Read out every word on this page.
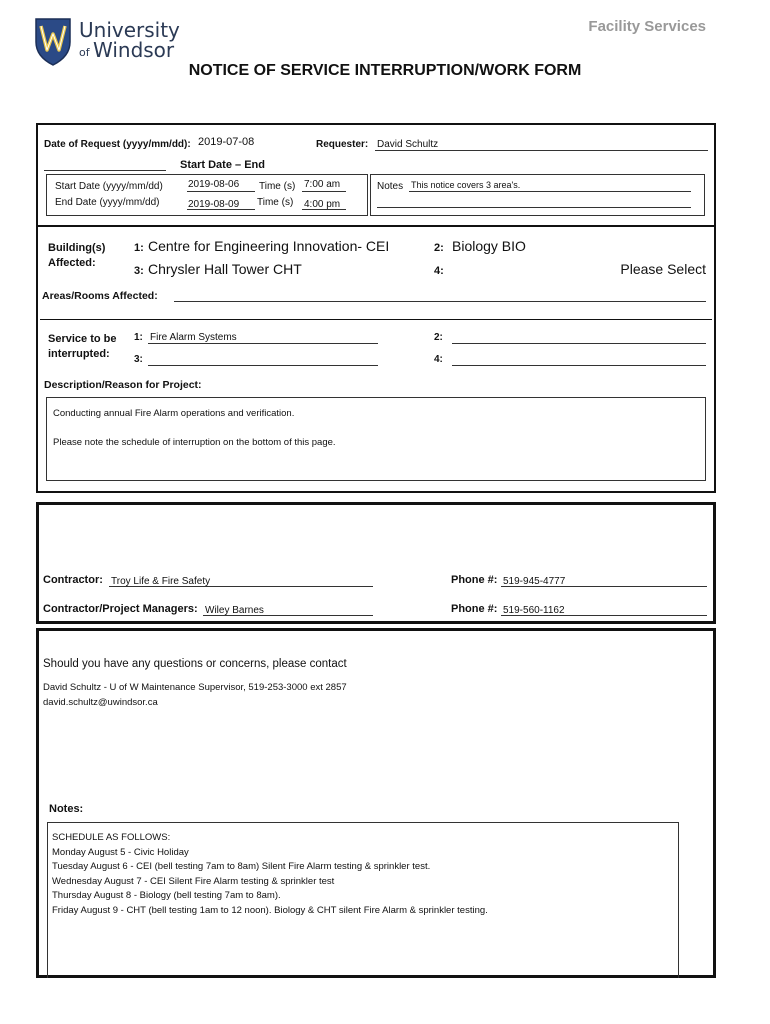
University
of Windsor
Facility Services
NOTICE OF SERVICE INTERRUPTION/WORK FORM
Date of Request (yyyy/mm/dd): 2019-07-08	Requester: David Schultz
Start Date – End
Start Date (yyyy/mm/dd)	2019-08-06 Time (s) 7:00 am
End Date (yyyy/mm/dd)	2019-08-09 Time (s) 4:00 pm
Notes This notice covers 3 area's.
Building(s)
Affected:
1: Centre for Engineering Innovation- CEI	2: Biology BIO
3: Chrysler Hall Tower CHT	4:	Please Select
Areas/Rooms Affected:
Service to be
interrupted:
1: Fire Alarm Systems	2:
3:	4:
Description/Reason for Project:
Conducting annual Fire Alarm operations and verification.
Please note the schedule of interruption on the bottom of this page.
Contractor: Troy Life & Fire Safety	Phone #: 519-945-4777
Contractor/Project Managers: Wiley Barnes	Phone #: 519-560-1162
Should you have any questions or concerns, please contact
David Schultz - U of W Maintenance Supervisor, 519-253-3000 ext 2857
david.schultz@uwindsor.ca
Notes:
SCHEDULE AS FOLLOWS:
Monday August 5 - Civic Holiday
Tuesday August 6 - CEI (bell testing 7am to 8am) Silent Fire Alarm testing & sprinkler test.
Wednesday August 7 - CEI Silent Fire Alarm testing & sprinkler test
Thursday August 8 - Biology (bell testing 7am to 8am).
Friday August 9 - CHT (bell testing 1am to 12 noon). Biology & CHT silent Fire Alarm & sprinkler testing.
